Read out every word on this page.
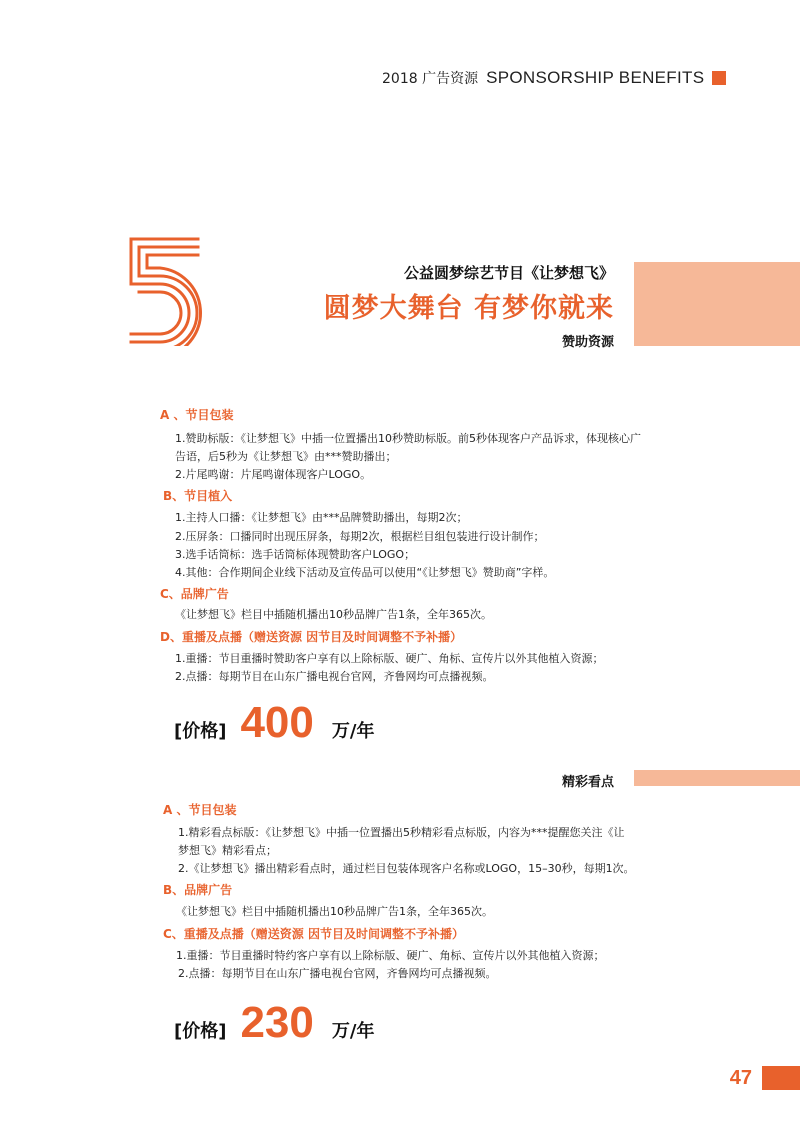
2018 广告资源 SPONSORSHIP BENEFITS
公益圆梦综艺节目《让梦想飞》
圆梦大舞台 有梦你就来
赞助资源
A 、节目包装
1.赞助标版：《让梦想飞》中插一位置播出10秒赞助标版。前5秒体现客户产品诉求，体现核心广
告语，后5秒为《让梦想飞》由***赞助播出；
2.片尾鸣谢：片尾鸣谢体现客户LOGO。
B、节目植入
1.主持人口播：《让梦想飞》由***品牌赞助播出，每期2次；
2.压屏条：口播同时出现压屏条，每期2次，根据栏目组包装进行设计制作；
3.选手话筒标：选手话筒标体现赞助客户LOGO；
4.其他：合作期间企业线下活动及宣传品可以使用“《让梦想飞》赞助商”字样。
C、品牌广告
《让梦想飞》栏目中插随机播出10秒品牌广告1条，全年365次。
D、重播及点播（赠送资源 因节目及时间调整不予补播）
1.重播：节目重播时赞助客户享有以上除标版、硬广、角标、宣传片以外其他植入资源；
2.点播：每期节目在山东广播电视台官网，齐鲁网均可点播视频。
[价格] 400 万/年
精彩看点
A 、节目包装
1.精彩看点标版：《让梦想飞》中插一位置播出5秒精彩看点标版，内容为***提醒您关注《让
梦想飞》精彩看点；
2.《让梦想飞》播出精彩看点时，通过栏目包装体现客户名称或LOGO，15–30秒，每期1次。
B、品牌广告
《让梦想飞》栏目中插随机播出10秒品牌广告1条，全年365次。
C、重播及点播（赠送资源 因节目及时间调整不予补播）
1.重播：节目重播时特约客户享有以上除标版、硬广、角标、宣传片以外其他植入资源；
2.点播：每期节目在山东广播电视台官网，齐鲁网均可点播视频。
[价格] 230 万/年
47
